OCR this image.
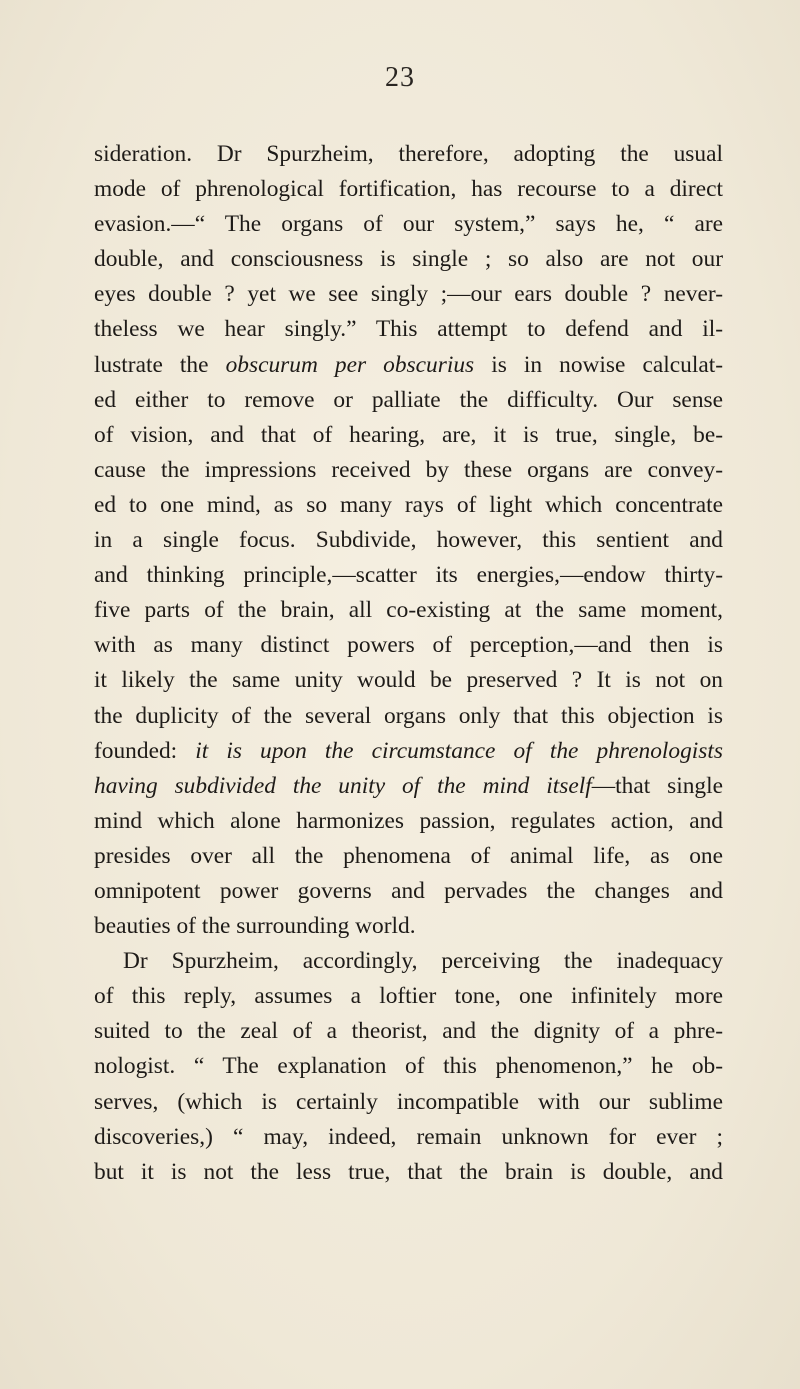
23
sideration. Dr Spurzheim, therefore, adopting the usual
mode of phrenological fortification, has recourse to a direct
evasion.—“ The organs of our system,” says he, “ are
double, and consciousness is single ; so also are not our
eyes double ? yet we see singly ;—our ears double ? never-
theless we hear singly.” This attempt to defend and il-
lustrate the obscurum per obscurius is in nowise calculat-
ed either to remove or palliate the difficulty. Our sense
of vision, and that of hearing, are, it is true, single, be-
cause the impressions received by these organs are convey-
ed to one mind, as so many rays of light which concentrate
in a single focus. Subdivide, however, this sentient and
and thinking principle,—scatter its energies,—endow thirty-
five parts of the brain, all co-existing at the same moment,
with as many distinct powers of perception,—and then is
it likely the same unity would be preserved ? It is not on
the duplicity of the several organs only that this objection is
founded: it is upon the circumstance of the phrenologists
having subdivided the unity of the mind itself—that single
mind which alone harmonizes passion, regulates action, and
presides over all the phenomena of animal life, as one
omnipotent power governs and pervades the changes and
beauties of the surrounding world.
Dr Spurzheim, accordingly, perceiving the inadequacy
of this reply, assumes a loftier tone, one infinitely more
suited to the zeal of a theorist, and the dignity of a phre-
nologist. “ The explanation of this phenomenon,” he ob-
serves, (which is certainly incompatible with our sublime
discoveries,) “ may, indeed, remain unknown for ever ;
but it is not the less true, that the brain is double, and
